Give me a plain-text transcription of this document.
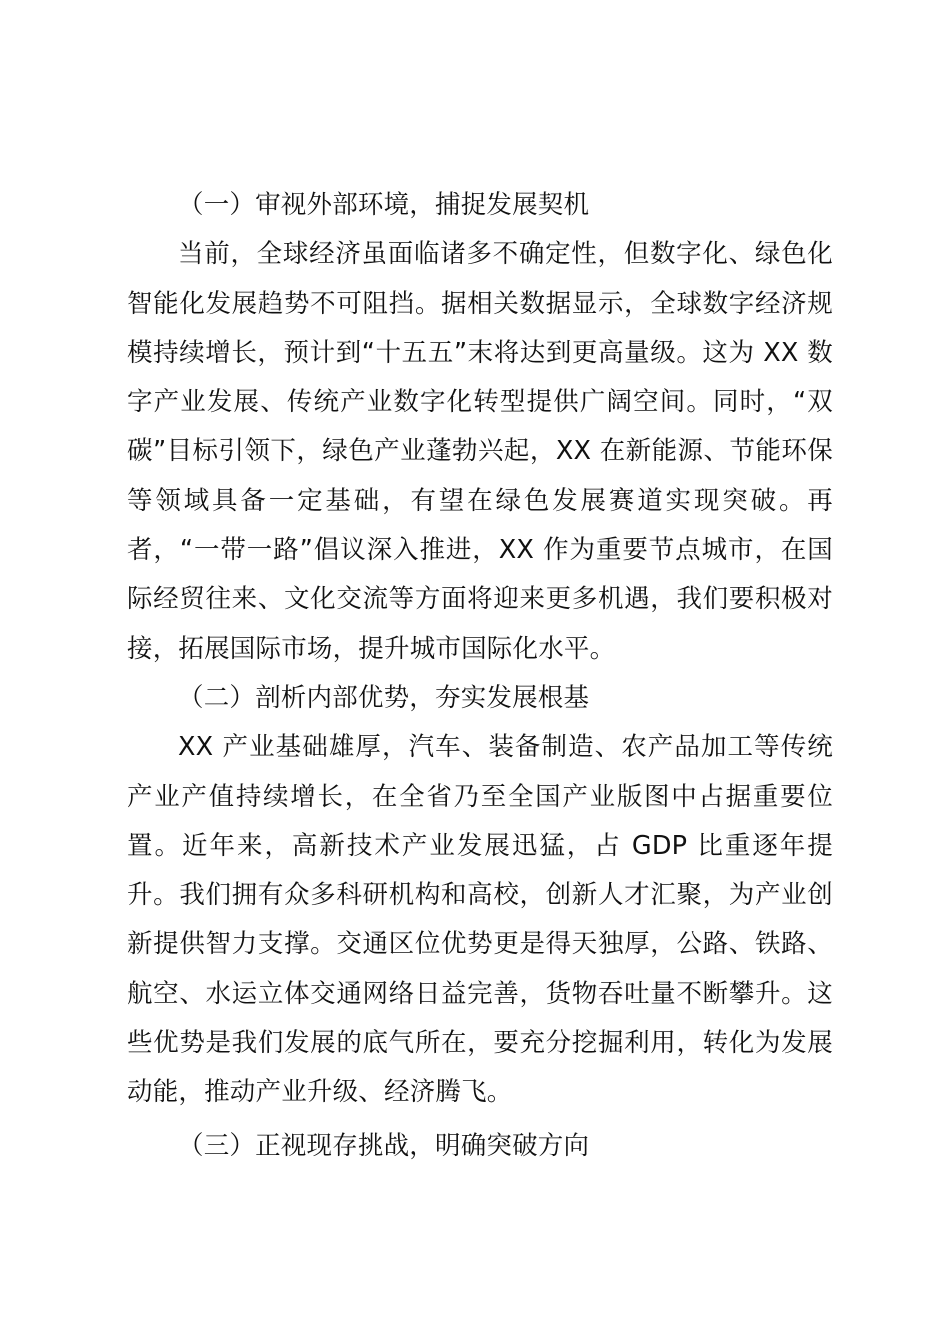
（一）审视外部环境，捕捉发展契机

当前，全球经济虽面临诸多不确定性，但数字化、绿色化智能化发展趋势不可阻挡。据相关数据显示，全球数字经济规模持续增长，预计到“十五五”末将达到更高量级。这为 XX 数字产业发展、传统产业数字化转型提供广阔空间。同时，“双碳”目标引领下，绿色产业蓬勃兴起，XX 在新能源、节能环保等领域具备一定基础，有望在绿色发展赛道实现突破。再者，“一带一路”倡议深入推进，XX 作为重要节点城市，在国际经贸往来、文化交流等方面将迎来更多机遇，我们要积极对接，拓展国际市场，提升城市国际化水平。

（二）剖析内部优势，夯实发展根基

XX 产业基础雄厚，汽车、装备制造、农产品加工等传统产业产值持续增长，在全省乃至全国产业版图中占据重要位置。近年来，高新技术产业发展迅猛，占 GDP 比重逐年提升。我们拥有众多科研机构和高校，创新人才汇聚，为产业创新提供智力支撑。交通区位优势更是得天独厚，公路、铁路、航空、水运立体交通网络日益完善，货物吞吐量不断攀升。这些优势是我们发展的底气所在，要充分挖掘利用，转化为发展动能，推动产业升级、经济腾飞。

（三）正视现存挑战，明确突破方向
